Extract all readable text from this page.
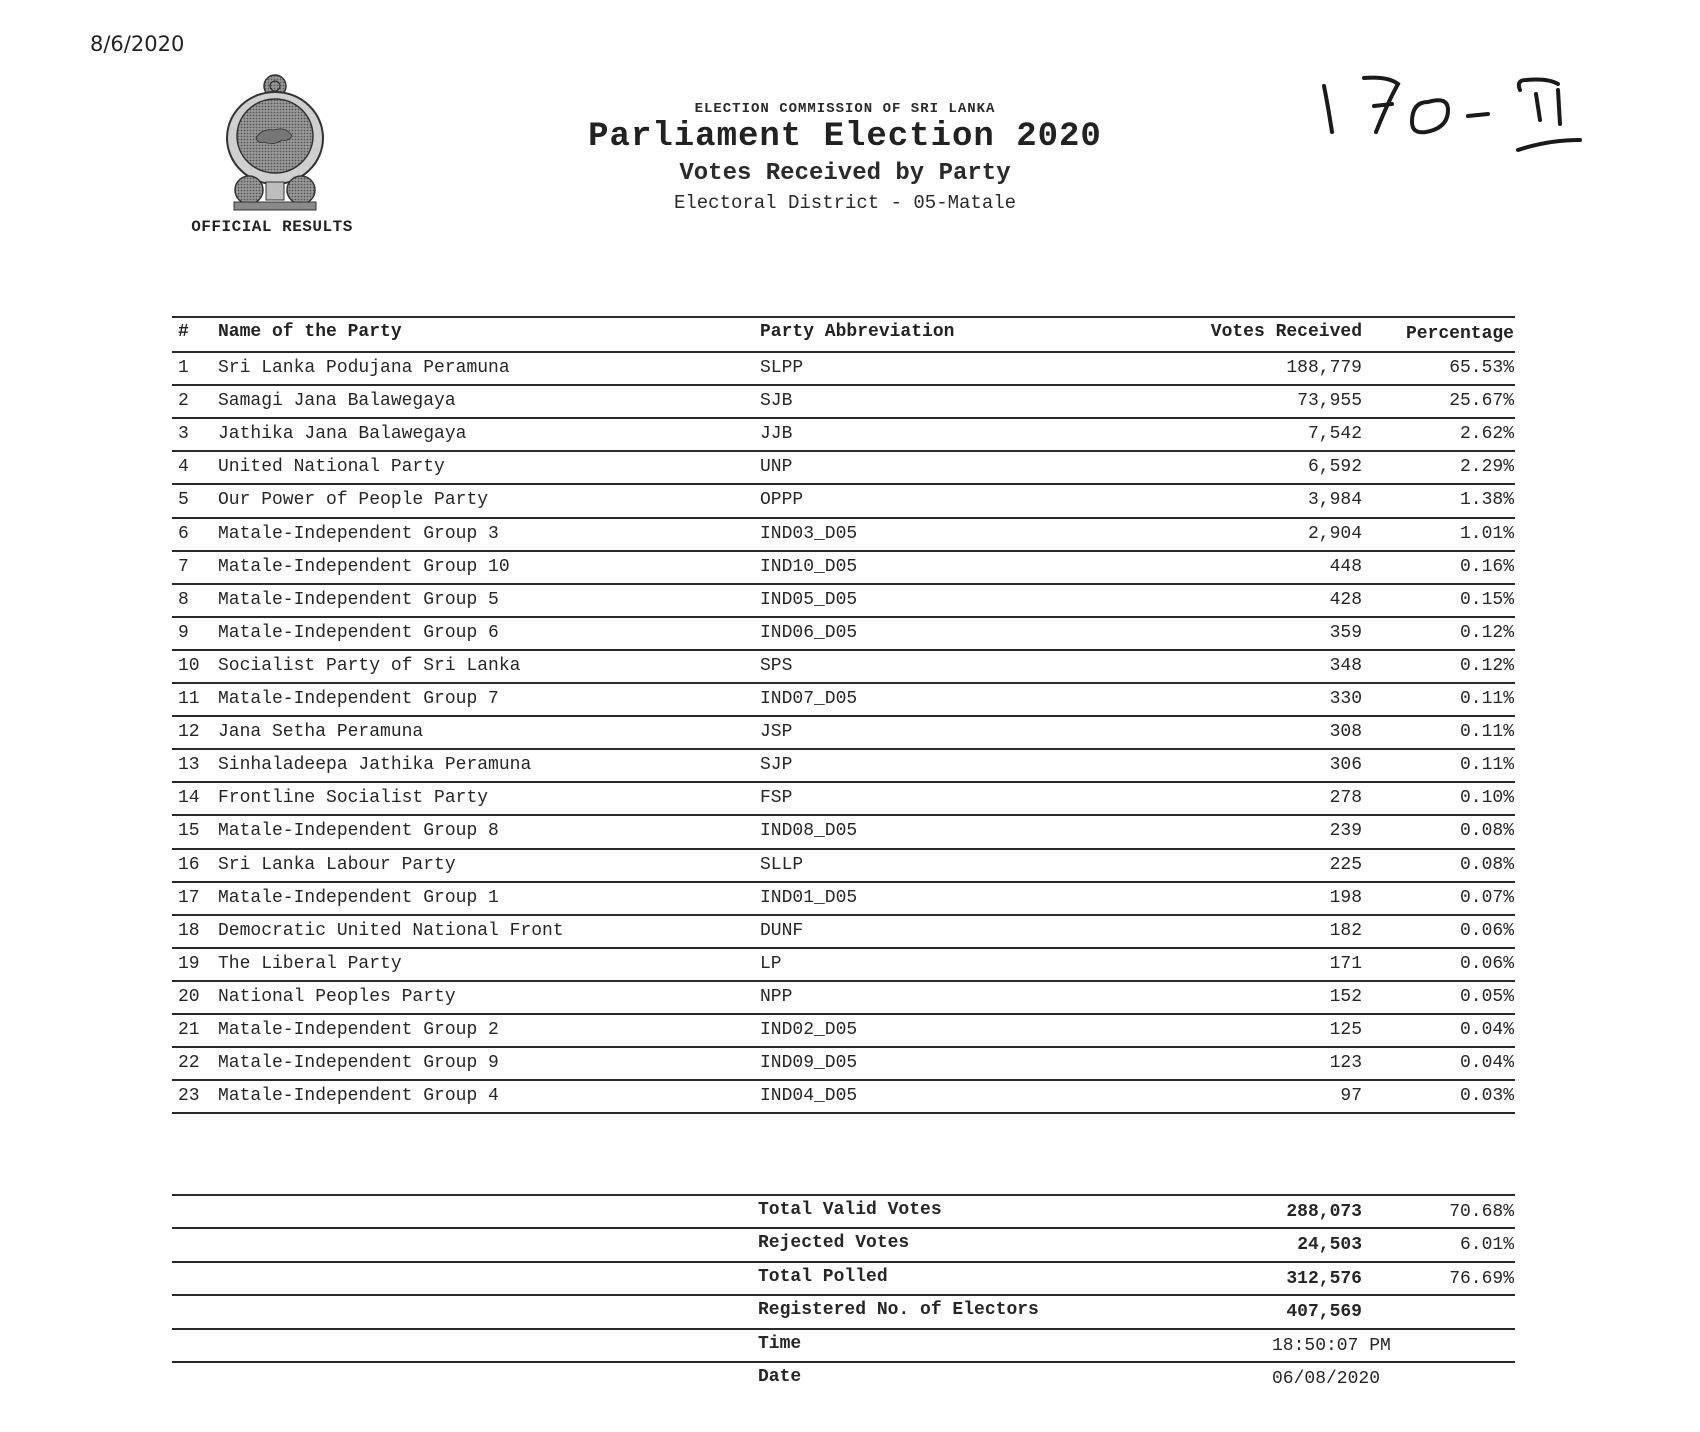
8/6/2020
OFFICIAL RESULTS
ELECTION COMMISSION OF SRI LANKA
Parliament Election 2020
Votes Received by Party
Electoral District - 05-Matale
# Name of the Party	Party Abbreviation	Votes Received Percentage
1 Sri Lanka Podujana Peramuna	SLPP	188,779	65.53%
2 Samagi Jana Balawegaya	SJB	73,955	25.67%
3 Jathika Jana Balawegaya	JJB	7,542	2.62%
4 United National Party	UNP	6,592	2.29%
5 Our Power of People Party	OPPP	3,984	1.38%
6 Matale-Independent Group 3	IND03_D05	2,904	1.01%
7 Matale-Independent Group 10	IND10_D05	448	0.16%
8 Matale-Independent Group 5	IND05_D05	428	0.15%
9 Matale-Independent Group 6	IND06_D05	359	0.12%
10 Socialist Party of Sri Lanka	SPS	348	0.12%
11 Matale-Independent Group 7	IND07_D05	330	0.11%
12 Jana Setha Peramuna	JSP	308	0.11%
13 Sinhaladeepa Jathika Peramuna	SJP	306	0.11%
14 Frontline Socialist Party	FSP	278	0.10%
15 Matale-Independent Group 8	IND08_D05	239	0.08%
16 Sri Lanka Labour Party	SLLP	225	0.08%
17 Matale-Independent Group 1	IND01_D05	198	0.07%
18 Democratic United National Front	DUNF	182	0.06%
19 The Liberal Party	LP	171	0.06%
20 National Peoples Party	NPP	152	0.05%
21 Matale-Independent Group 2	IND02_D05	125	0.04%
22 Matale-Independent Group 9	IND09_D05	123	0.04%
23 Matale-Independent Group 4	IND04_D05	97	0.03%
Total Valid Votes	288,073	70.68%
Rejected Votes	24,503	6.01%
Total Polled	312,576	76.69%
Registered No. of Electors	407,569
Time	18:50:07 PM
Date	06/08/2020
